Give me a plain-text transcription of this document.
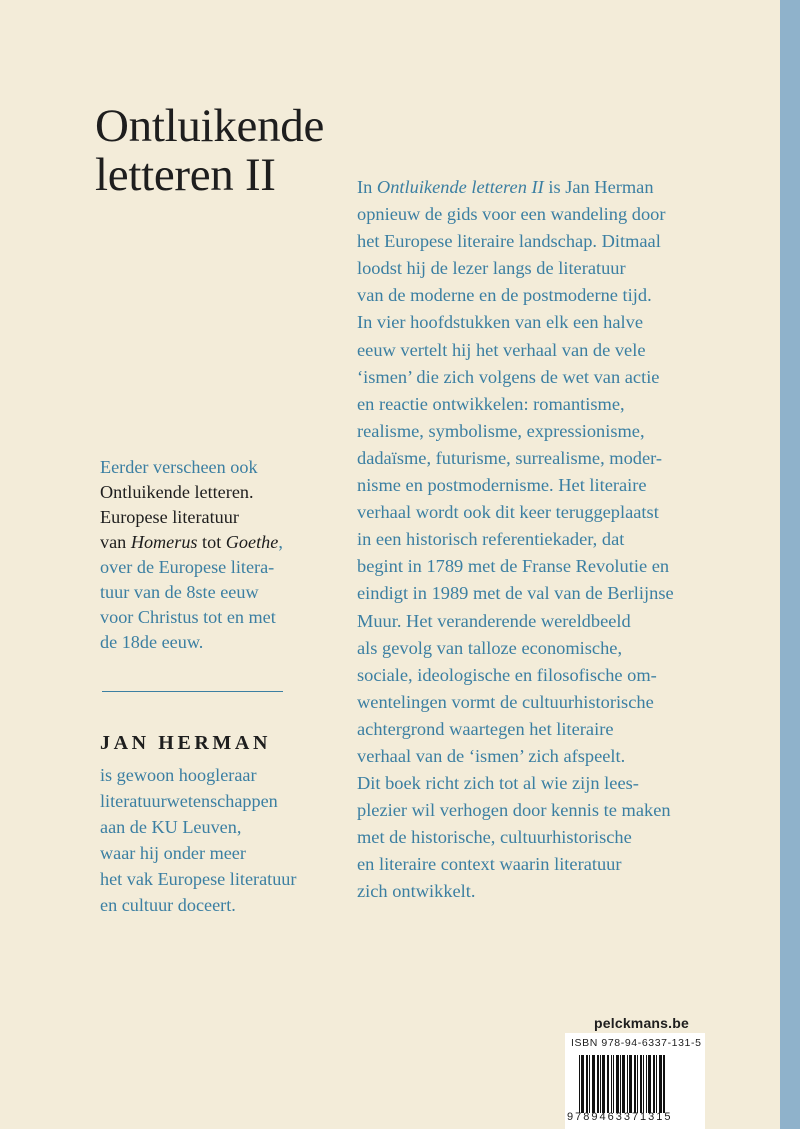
Ontluikende
letteren II	In Ontluikende letteren II is Jan Herman
opnieuw de gids voor een wandeling door
het Europese literaire landschap. Ditmaal
loodst hij de lezer langs de literatuur
van de moderne en de postmoderne tijd.
In vier hoofdstukken van elk een halve
eeuw vertelt hij het verhaal van de vele
‘ismen’ die zich volgens de wet van actie
en reactie ontwikkelen: romantisme,
realisme, symbolisme, expressionisme,
dadaïsme, futurisme, surrealisme, moder-
nisme en postmodernisme. Het literaire
verhaal wordt ook dit keer teruggeplaatst
in een historisch referentiekader, dat
begint in 1789 met de Franse Revolutie en
eindigt in 1989 met de val van de Berlijnse
Muur. Het veranderende wereldbeeld
als gevolg van talloze economische,
sociale, ideologische en filosofische om-
wentelingen vormt de cultuurhistorische
achtergrond waartegen het literaire
verhaal van de ‘ismen’ zich afspeelt.
Dit boek richt zich tot al wie zijn lees-
plezier wil verhogen door kennis te maken
met de historische, cultuurhistorische
en literaire context waarin literatuur
zich ontwikkelt.
Eerder verscheen ook
Ontluikende letteren.
Europese literatuur
van Homerus tot Goethe,
over de Europese litera-
tuur van de 8ste eeuw
voor Christus tot en met
de 18de eeuw.
JAN HERMAN
is gewoon hoogleraar
literatuurwetenschappen
aan de KU Leuven,
waar hij onder meer
het vak Europese literatuur
en cultuur doceert.
pelckmans.be
ISBN 978-94-6337-131-5
9789463371315
